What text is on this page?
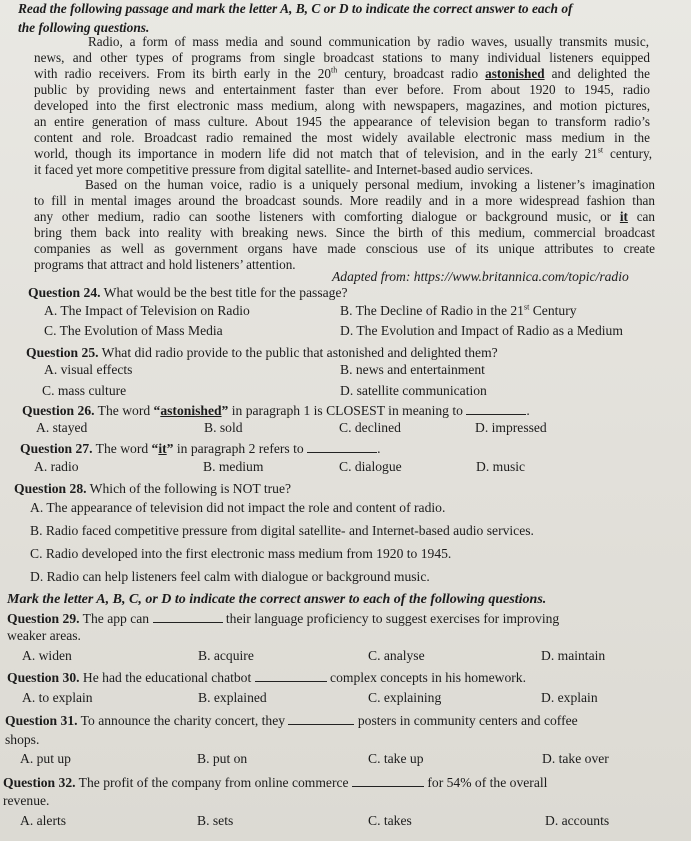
Read the following passage and mark the letter A, B, C or D to indicate the correct answer to each of
the following questions.
Radio, a form of mass media and sound communication by radio waves, usually transmits music,
news, and other types of programs from single broadcast stations to many individual listeners equipped
with radio receivers. From its birth early in the 20th century, broadcast radio astonished and delighted the
public by providing news and entertainment faster than ever before. From about 1920 to 1945, radio
developed into the first electronic mass medium, along with newspapers, magazines, and motion pictures,
an entire generation of mass culture. About 1945 the appearance of television began to transform radio’s
content and role. Broadcast radio remained the most widely available electronic mass medium in the
world, though its importance in modern life did not match that of television, and in the early 21st century,
it faced yet more competitive pressure from digital satellite- and Internet-based audio services.
Based on the human voice, radio is a uniquely personal medium, invoking a listener’s imagination
to fill in mental images around the broadcast sounds. More readily and in a more widespread fashion than
any other medium, radio can soothe listeners with comforting dialogue or background music, or it can
bring them back into reality with breaking news. Since the birth of this medium, commercial broadcast
companies as well as government organs have made conscious use of its unique attributes to create
programs that attract and hold listeners’ attention.
Adapted from: https://www.britannica.com/topic/radio
Question 24. What would be the best title for the passage?
A. The Impact of Television on Radio	B. The Decline of Radio in the 21st Century
C. The Evolution of Mass Media	D. The Evolution and Impact of Radio as a Medium
Question 25. What did radio provide to the public that astonished and delighted them?
A. visual effects	B. news and entertainment
C. mass culture	D. satellite communication
Question 26. The word “astonished” in paragraph 1 is CLOSEST in meaning to	.
A. stayed	B. sold	C. declined	D. impressed
Question 27. The word “it” in paragraph 2 refers to	.
A. radio	B. medium	C. dialogue	D. music
Question 28. Which of the following is NOT true?
A. The appearance of television did not impact the role and content of radio.
B. Radio faced competitive pressure from digital satellite- and Internet-based audio services.
C. Radio developed into the first electronic mass medium from 1920 to 1945.
D. Radio can help listeners feel calm with dialogue or background music.
Mark the letter A, B, C, or D to indicate the correct answer to each of the following questions.
Question 29. The app can	their language proficiency to suggest exercises for improving
weaker areas.
A. widen	B. acquire	C. analyse	D. maintain
Question 30. He had the educational chatbot	complex concepts in his homework.
A. to explain	B. explained	C. explaining	D. explain
Question 31. To announce the charity concert, they	posters in community centers and coffee
shops.
A. put up	B. put on	C. take up	D. take over
Question 32. The profit of the company from online commerce	for 54% of the overall
revenue.
A. alerts	B. sets	C. takes	D. accounts
